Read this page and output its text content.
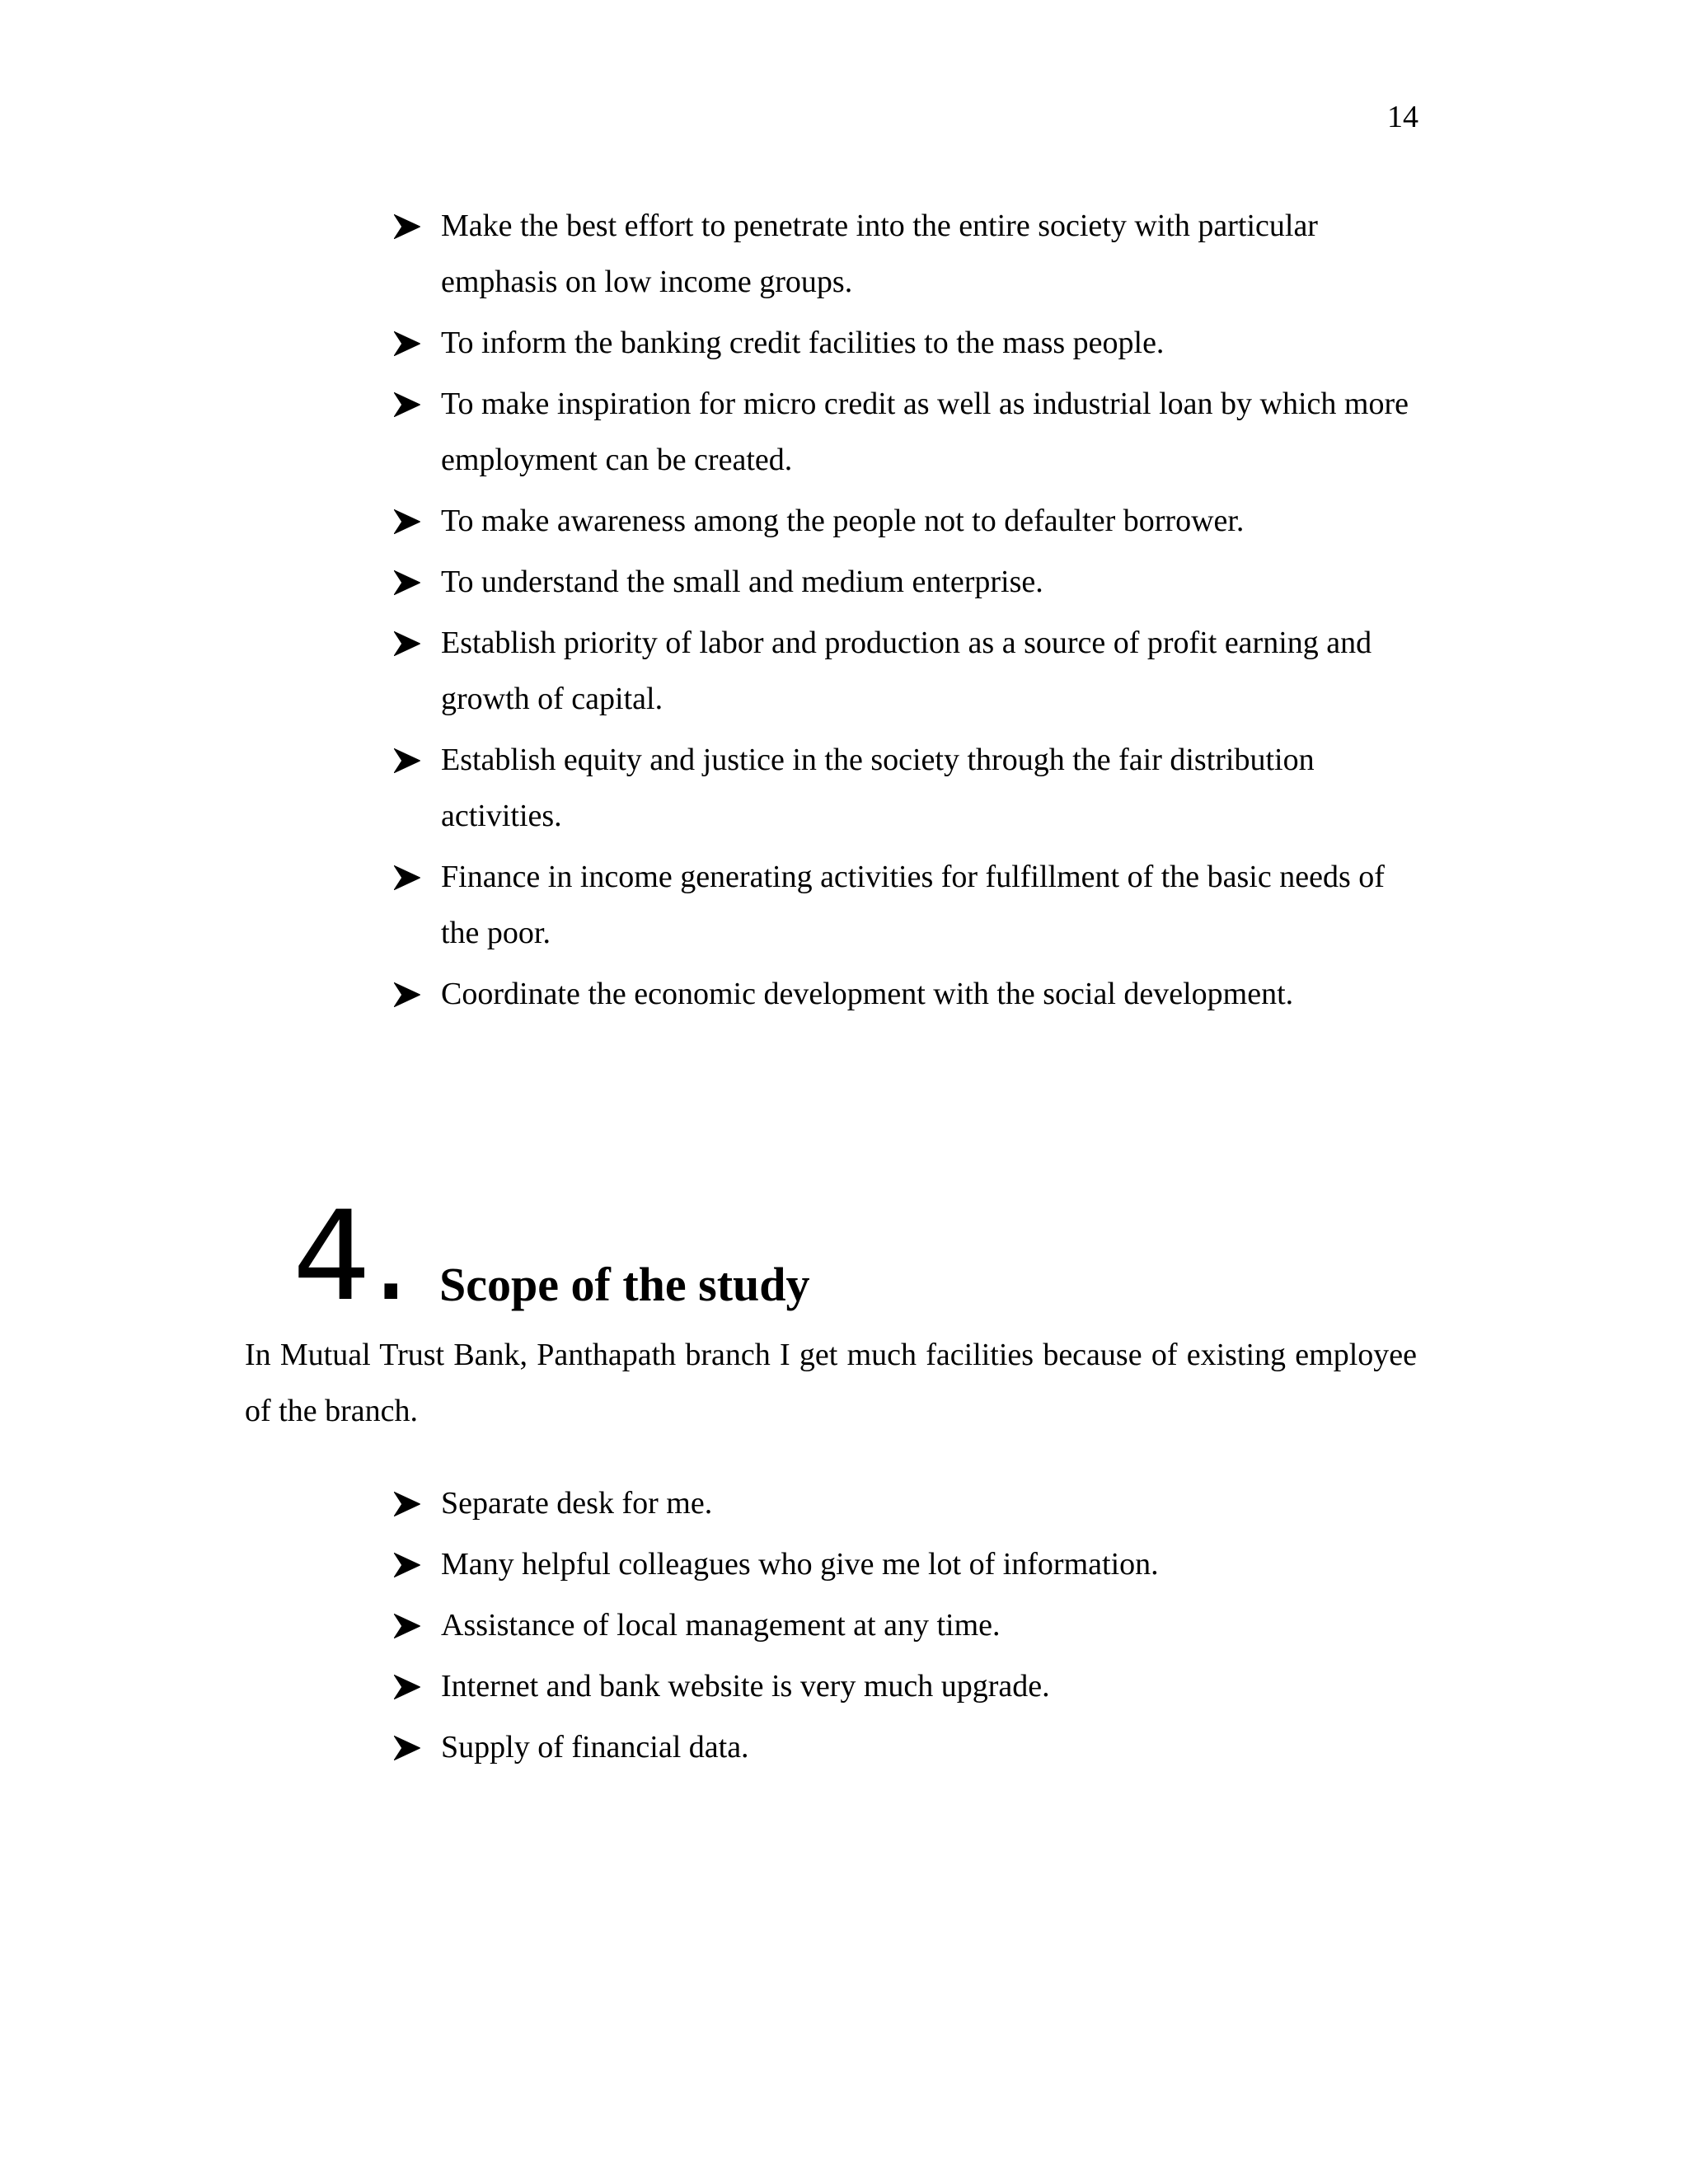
14
Make the best effort to penetrate into the entire society with particular emphasis on low income groups.
To inform the banking credit facilities to the mass people.
To make inspiration for micro credit as well as industrial loan by which more employment can be created.
To make awareness among the people not to defaulter borrower.
To understand the small and medium enterprise.
Establish priority of labor and production as a source of profit earning and growth of capital.
Establish equity and justice in the society through the fair distribution activities.
Finance in income generating activities for fulfillment of the basic needs of the poor.
Coordinate the economic development with the social development.
4. Scope of the study

In Mutual Trust Bank, Panthapath branch I get much facilities because of existing employee of the branch.

Separate desk for me.
Many helpful colleagues who give me lot of information.
Assistance of local management at any time.
Internet and bank website is very much upgrade.
Supply of financial data.
